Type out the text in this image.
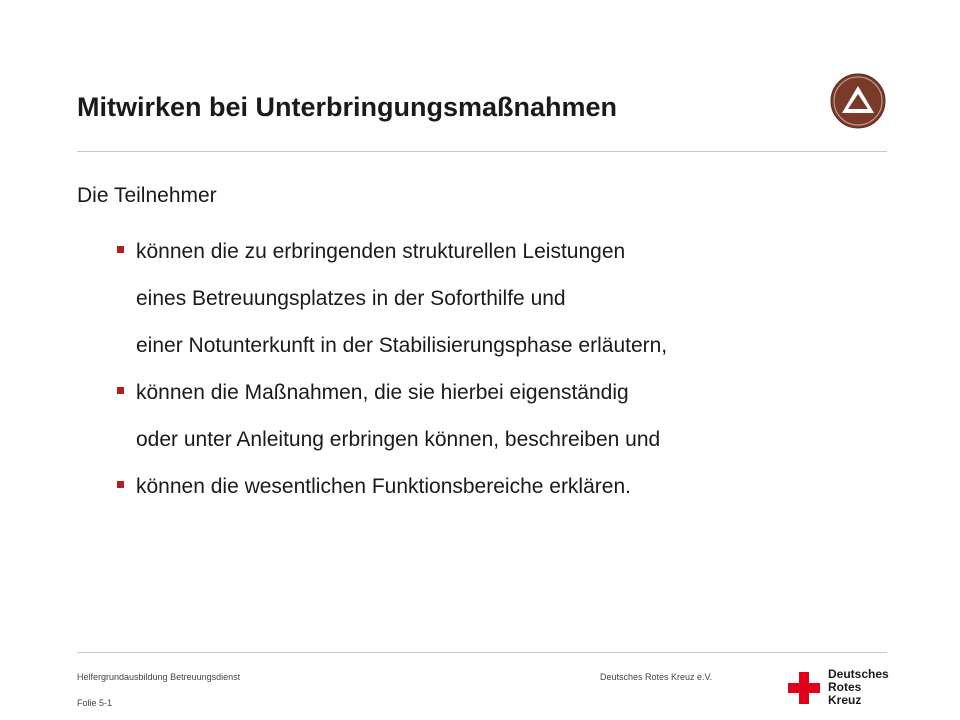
Mitwirken bei Unterbringungsmaßnahmen
Die Teilnehmer
können die zu erbringenden strukturellen Leistungen
eines Betreuungsplatzes in der Soforthilfe und
einer Notunterkunft in der Stabilisierungsphase erläutern,
können die Maßnahmen, die sie hierbei eigenständig
oder unter Anleitung erbringen können, beschreiben und
können die wesentlichen Funktionsbereiche erklären.
Helfergrundausbildung Betreuungsdienst
Folie 5-1
Deutsches Rotes Kreuz e.V.	Deutsches
Rotes
Kreuz
